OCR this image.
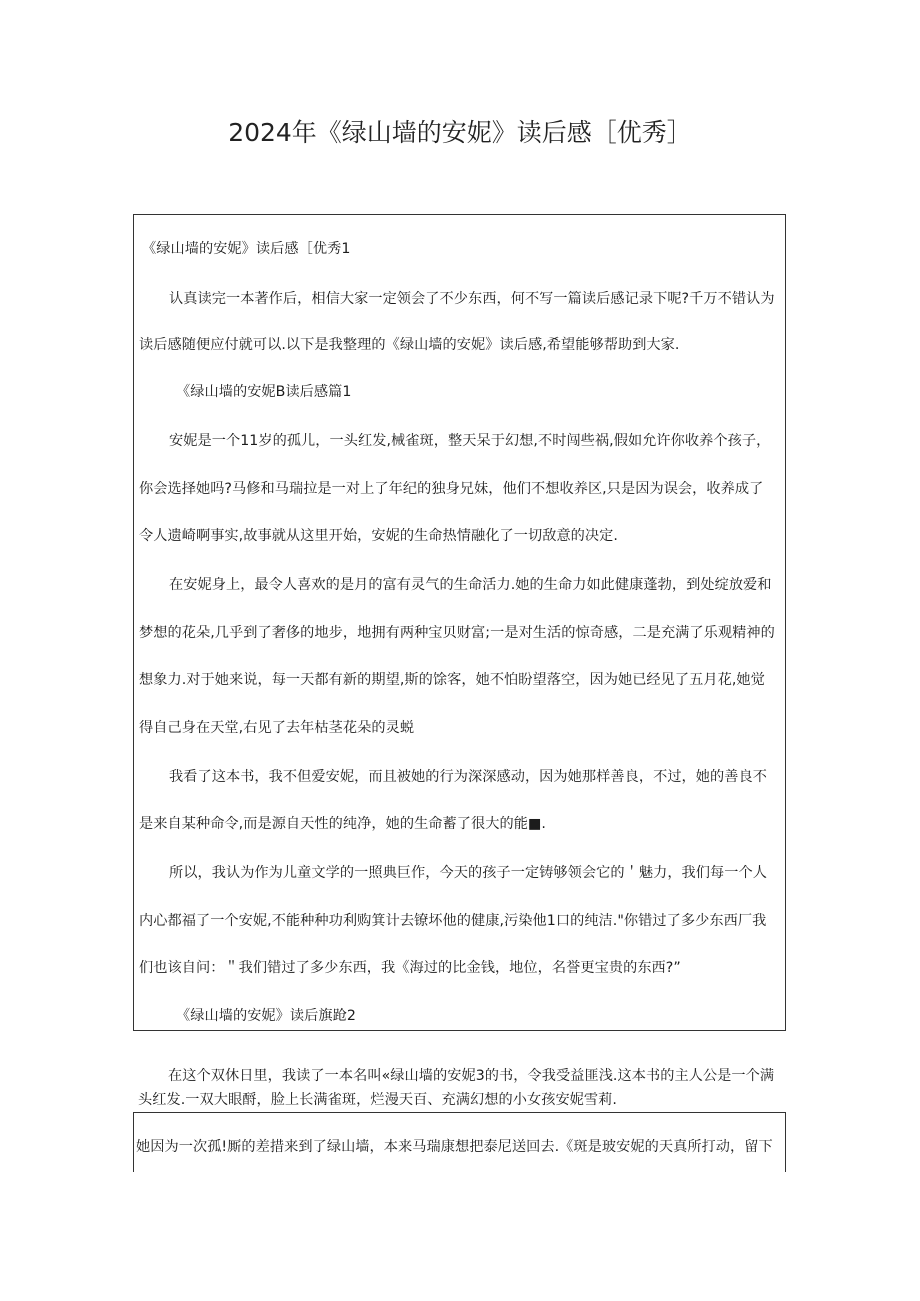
2024年《绿山墙的安妮》读后感［优秀］
《绿山墙的安妮》读后感［优秀1
认真读完一本著作后，相信大家一定领会了不少东西，何不写一篇读后感记录下呢?千万不错认为
读后感随便应付就可以.以下是我整理的《绿山墙的安妮》读后感,希望能够帮助到大家.
《绿山墙的安妮B读后感篇1
安妮是一个11岁的孤儿，一头红发,械雀斑，整天呆于幻想,不时闯些祸,假如允许你收养个孩子，
你会选择她吗?马修和马瑞拉是一对上了年纪的独身兄妹，他们不想收养区,只是因为误会，收养成了
令人遗崎啊事实,故事就从这里开始，安妮的生命热情融化了一切敌意的决定.
在安妮身上，最令人喜欢的是月的富有灵气的生命活力.她的生命力如此健康蓬勃，到处绽放爱和
梦想的花朵,几乎到了奢侈的地步，地拥有两种宝贝财富;一是对生活的惊奇感，二是充满了乐观精神的
想象力.对于她来说，每一天都有新的期望,斯的馀客，她不怕盼望落空，因为她已经见了五月花,她觉
得自己身在天堂,右见了去年枯茎花朵的灵蜕
我看了这本书，我不但爱安妮，而且被她的行为深深感动，因为她那样善良，不过，她的善良不
是来自某种命令,而是源自天性的纯净，她的生命蓄了很大的能■.
所以，我认为作为儿童文学的一照典巨作，今天的孩子一定铸够领会它的＇魅力，我们每一个人
内心都福了一个安妮,不能种种功利购箕计去镣坏他的健康,污染他1口的纯洁."你错过了多少东西厂我
们也该自问：＂我们错过了多少东西，我《海过的比金钱，地位，名誉更宝贵的东西?”
《绿山墙的安妮》读后旗跄2
在这个双休日里，我读了一本名叫«绿山墙的安妮3的书，令我受益匪浅.这本书的主人公是一个满
头红发.一双大眼酹，脸上长满雀斑，烂漫天百、充满幻想的小女孩安妮雪莉.
她因为一次孤!厮的差措来到了绿山墙，本来马瑞康想把泰尼送回去.《斑是玻安妮的天真所打动，留下
